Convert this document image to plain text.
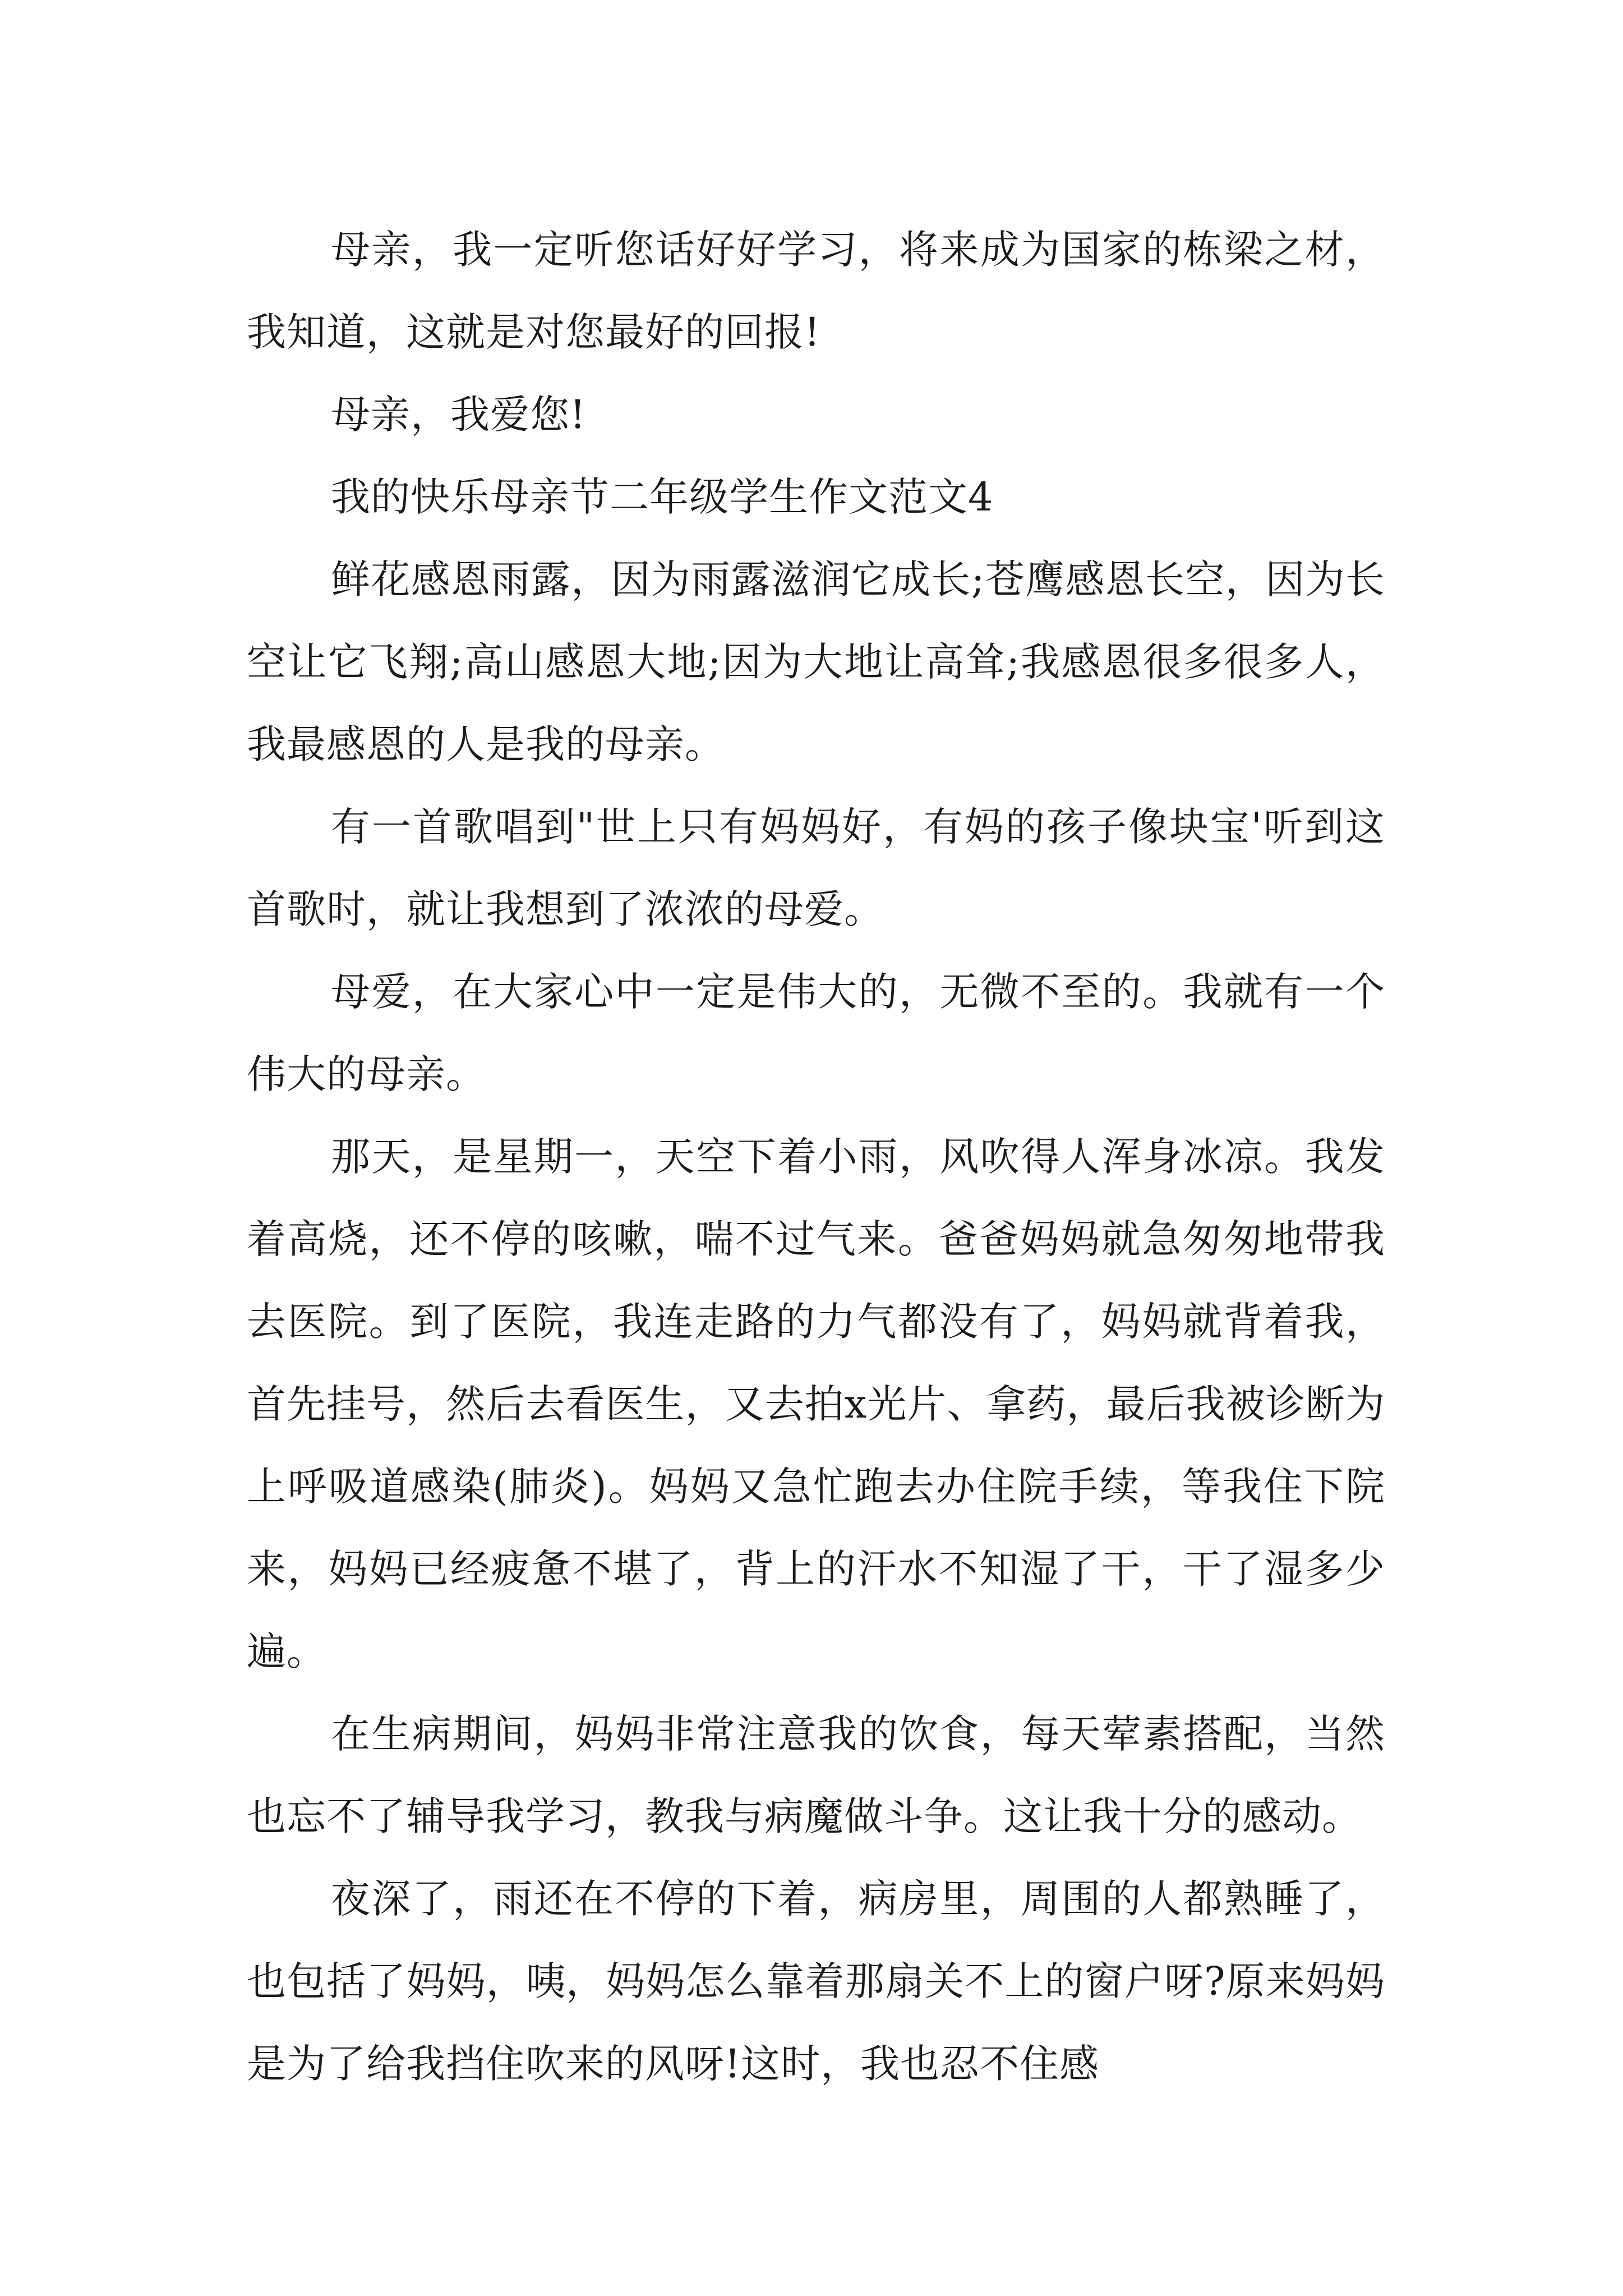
母亲，我一定听您话好好学习，将来成为国家的栋梁之材，我知道，这就是对您最好的回报!

母亲，我爱您!

我的快乐母亲节二年级学生作文范文4

鲜花感恩雨露，因为雨露滋润它成长;苍鹰感恩长空，因为长空让它飞翔;高山感恩大地;因为大地让高耸;我感恩很多很多人，我最感恩的人是我的母亲。

有一首歌唱到"世上只有妈妈好，有妈的孩子像块宝'听到这首歌时，就让我想到了浓浓的母爱。

母爱，在大家心中一定是伟大的，无微不至的。我就有一个伟大的母亲。

那天，是星期一，天空下着小雨，风吹得人浑身冰凉。我发着高烧，还不停的咳嗽，喘不过气来。爸爸妈妈就急匆匆地带我去医院。到了医院，我连走路的力气都没有了，妈妈就背着我，首先挂号，然后去看医生，又去拍x光片、拿药，最后我被诊断为上呼吸道感染(肺炎)。妈妈又急忙跑去办住院手续，等我住下院来，妈妈已经疲惫不堪了，背上的汗水不知湿了干，干了湿多少遍。

在生病期间，妈妈非常注意我的饮食，每天荤素搭配，当然也忘不了辅导我学习，教我与病魔做斗争。这让我十分的感动。

夜深了，雨还在不停的下着，病房里，周围的人都熟睡了，也包括了妈妈，咦，妈妈怎么靠着那扇关不上的窗户呀?原来妈妈是为了给我挡住吹来的风呀!这时，我也忍不住感
